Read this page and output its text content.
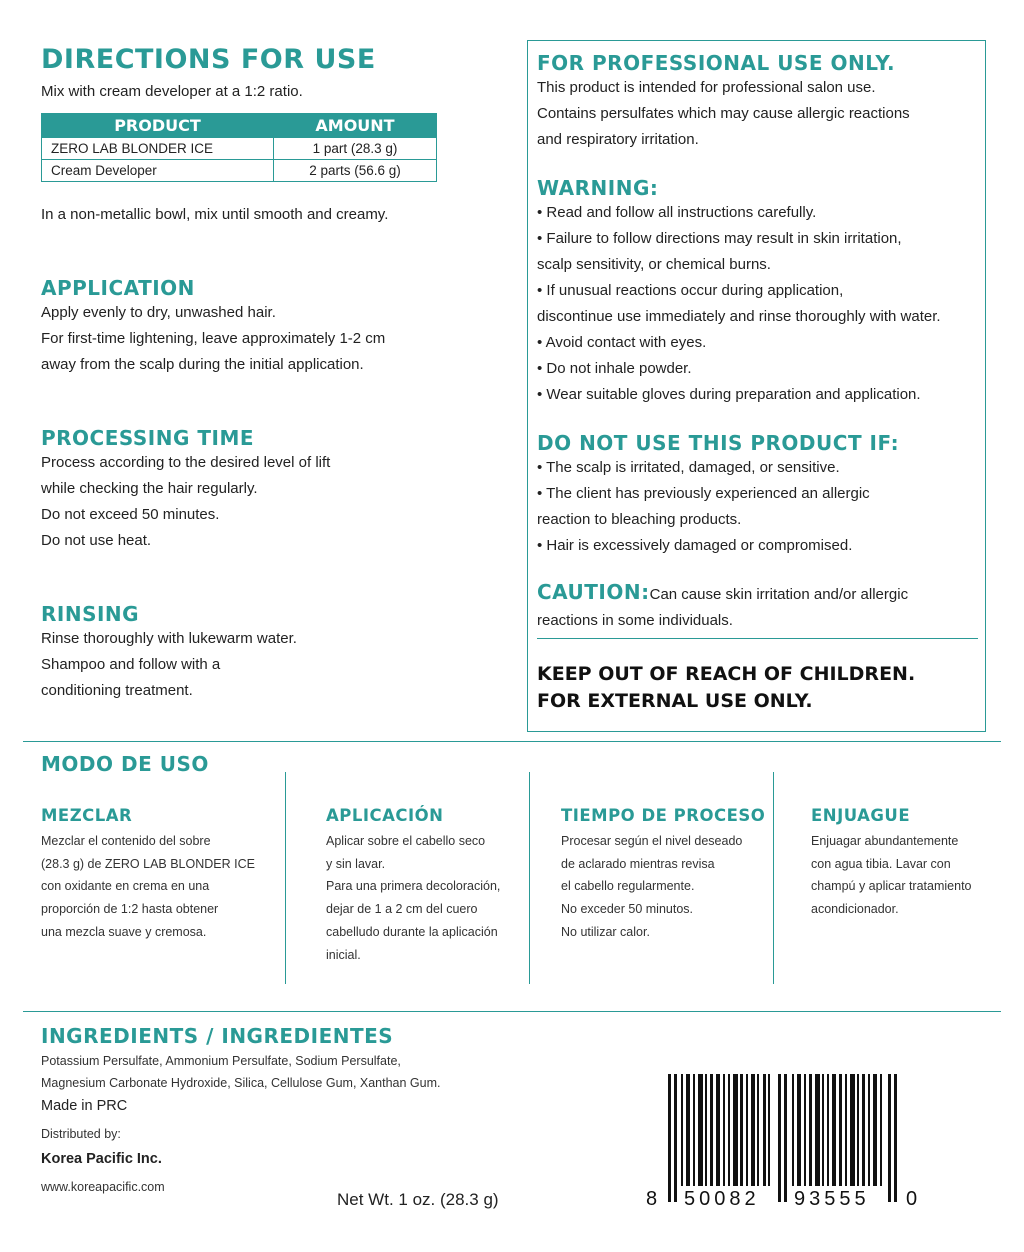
DIRECTIONS FOR USE

Mix with cream developer at a 1:2 ratio.

PRODUCT	AMOUNT
ZERO LAB BLONDER ICE	1 part (28.3 g)
Cream Developer	2 parts (56.6 g)

In a non-metallic bowl, mix until smooth and creamy.

APPLICATION

Apply evenly to dry, unwashed hair.

For first-time lightening, leave approximately 1-2 cm

away from the scalp during the initial application.

PROCESSING TIME

Process according to the desired level of lift

while checking the hair regularly.

Do not exceed 50 minutes.

Do not use heat.

RINSING

Rinse thoroughly with lukewarm water.

Shampoo and follow with a

conditioning treatment.

FOR PROFESSIONAL USE ONLY.

This product is intended for professional salon use.

Contains persulfates which may cause allergic reactions

and respiratory irritation.

WARNING:

• Read and follow all instructions carefully.

• Failure to follow directions may result in skin irritation,

scalp sensitivity, or chemical burns.

• If unusual reactions occur during application,

discontinue use immediately and rinse thoroughly with water.

• Avoid contact with eyes.

• Do not inhale powder.

• Wear suitable gloves during preparation and application.

DO NOT USE THIS PRODUCT IF:

• The scalp is irritated, damaged, or sensitive.

• The client has previously experienced an allergic

reaction to bleaching products.

• Hair is excessively damaged or compromised.

CAUTION:Can cause skin irritation and/or allergic

reactions in some individuals.

KEEP OUT OF REACH OF CHILDREN.
FOR EXTERNAL USE ONLY.
MODO DE USO
MEZCLAR

Mezclar el contenido del sobre

(28.3 g) de ZERO LAB BLONDER ICE

con oxidante en crema en una

proporción de 1:2 hasta obtener

una mezcla suave y cremosa.

APLICACIÓN

Aplicar sobre el cabello seco

y sin lavar.

Para una primera decoloración,

dejar de 1 a 2 cm del cuero

cabelludo durante la aplicación

inicial.

TIEMPO DE PROCESO

Procesar según el nivel deseado

de aclarado mientras revisa

el cabello regularmente.

No exceder 50 minutos.

No utilizar calor.

ENJUAGUE

Enjuagar abundantemente

con agua tibia. Lavar con

champú y aplicar tratamiento

acondicionador.

INGREDIENTS / INGREDIENTES
Potassium Persulfate, Ammonium Persulfate, Sodium Persulfate,
Magnesium Carbonate Hydroxide, Silica, Cellulose Gum, Xanthan Gum.
Made in PRC
Distributed by:
Korea Pacific Inc.
www.koreapacific.com
Net Wt. 1 oz. (28.3 g)	8 50082 93555 0
